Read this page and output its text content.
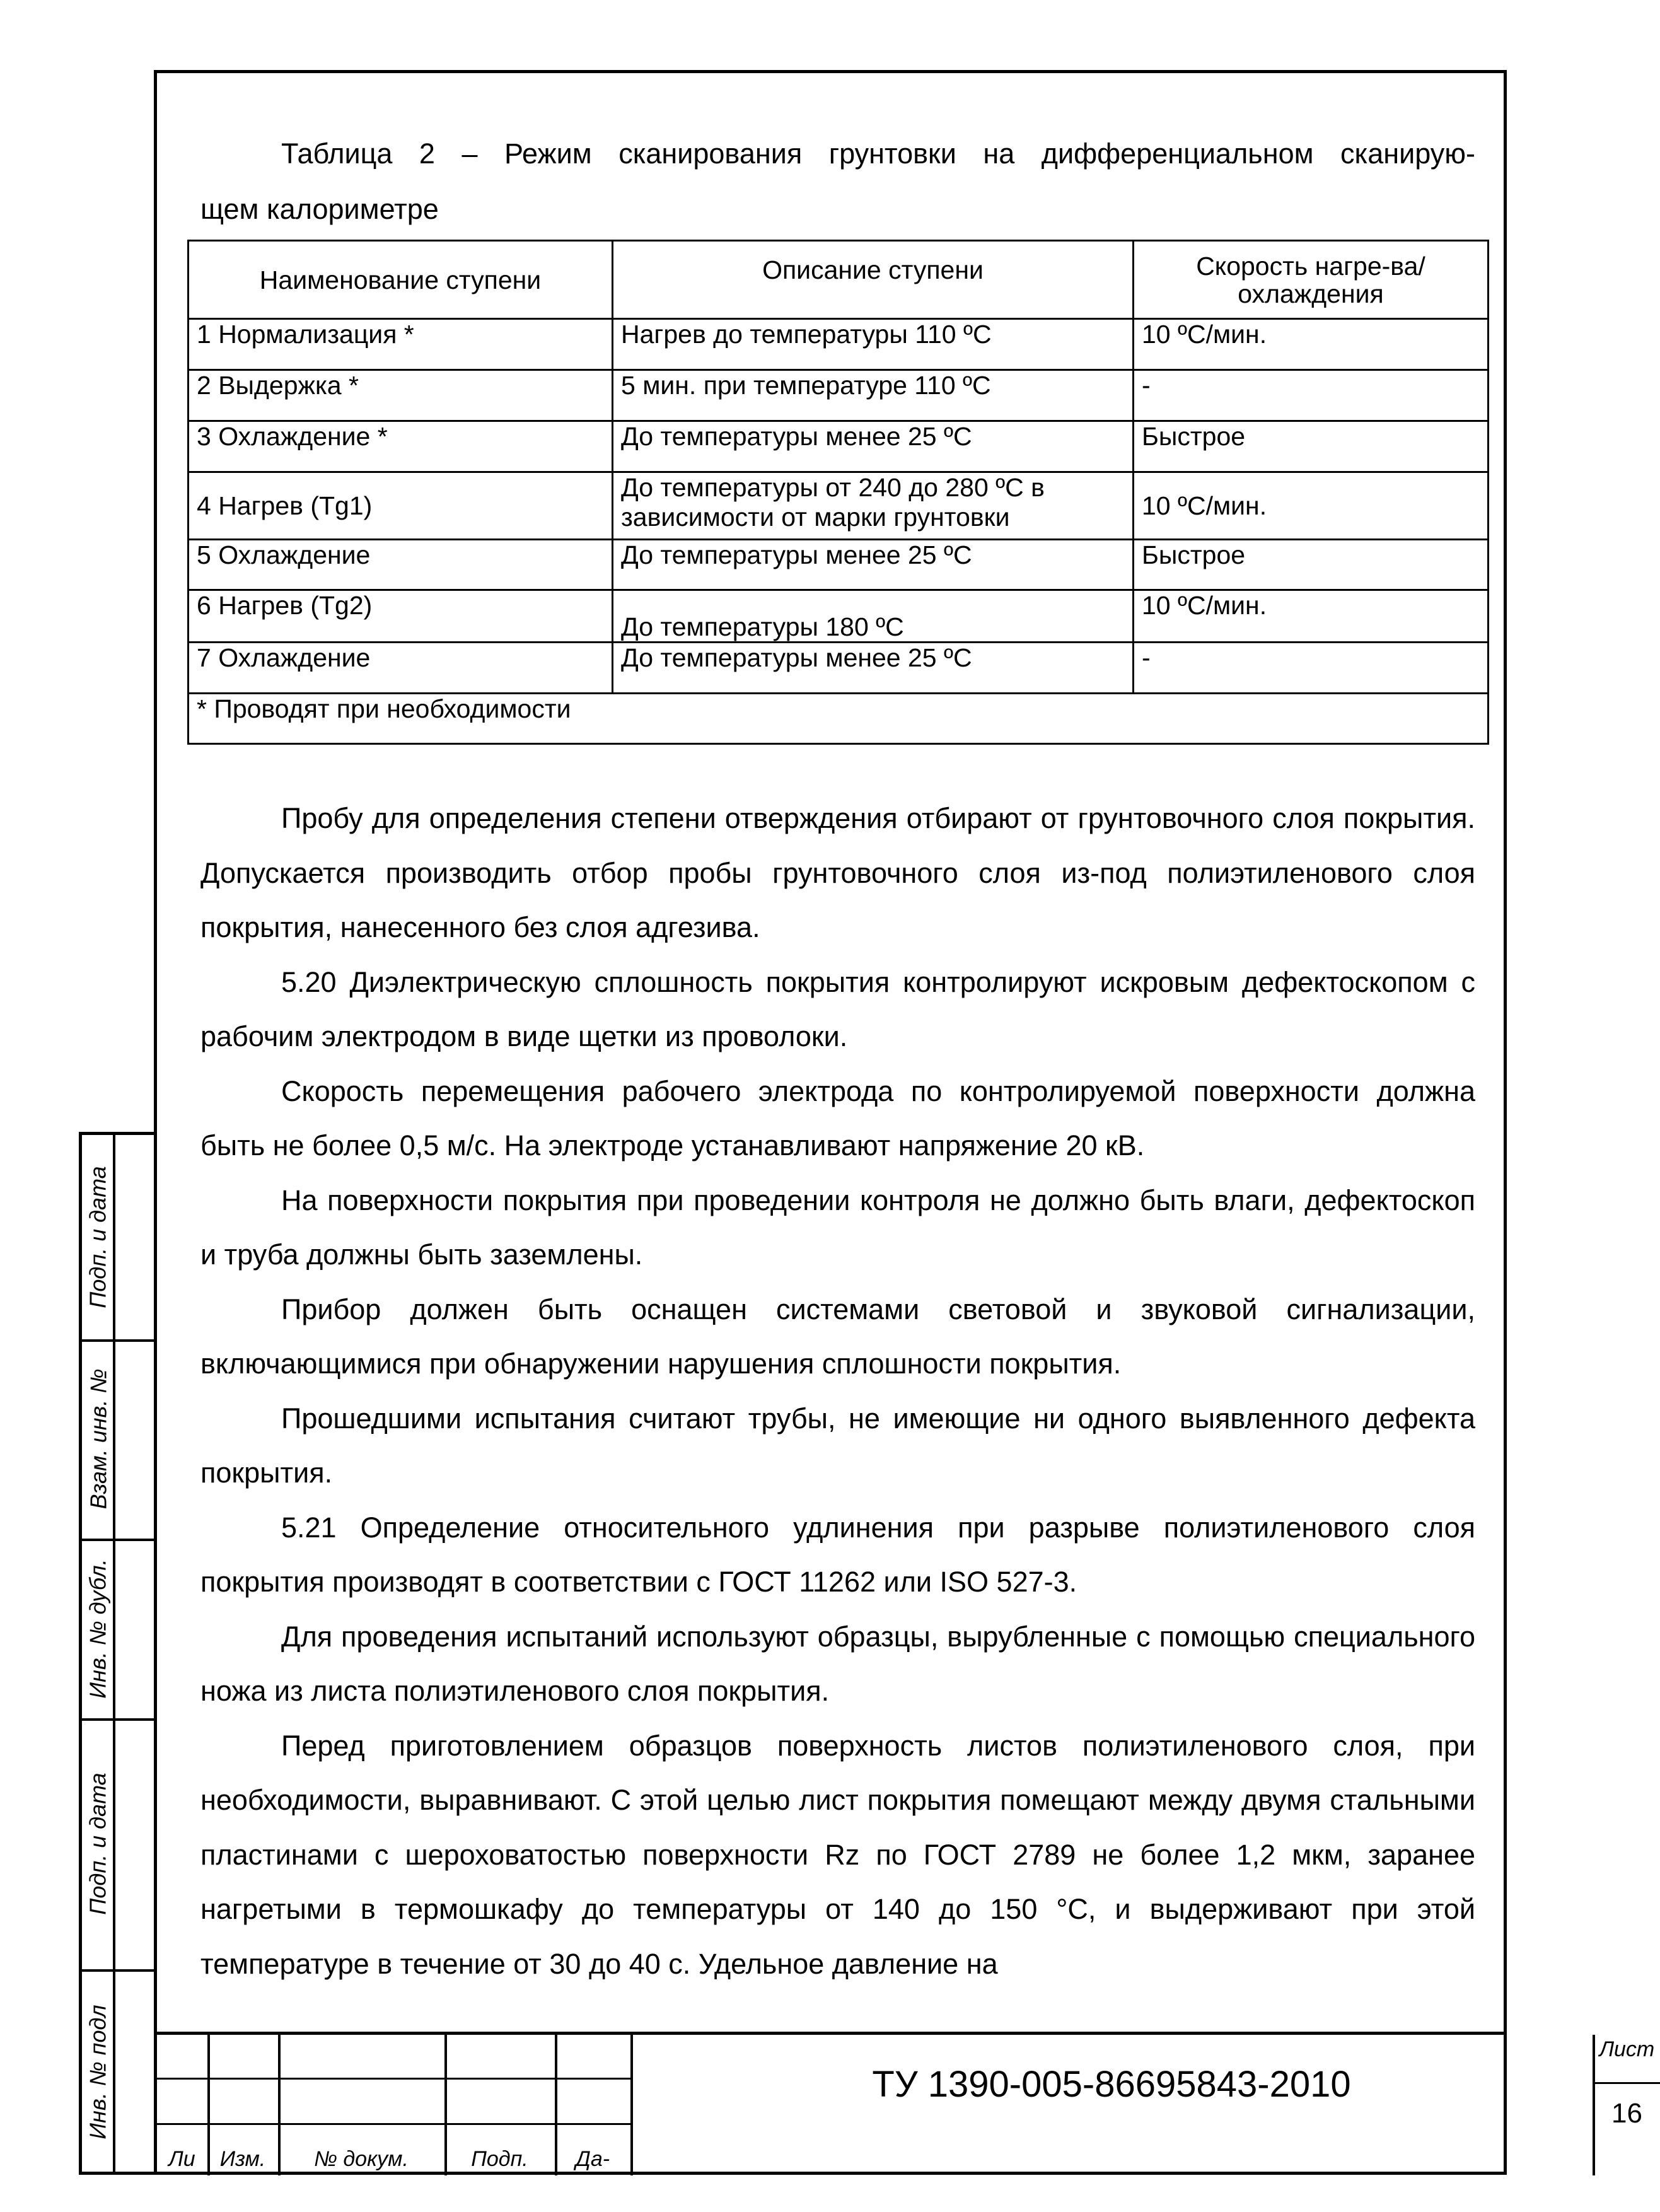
Подп. и дата
Взам. инв. №
Инв. № дубл.
Подп. и дата
Инв. № подл
Таблица 2 – Режим сканирования грунтовки на дифференциальном сканирую-
щем калориметре
Наименование ступени	Описание ступени	Скорость нагре-ва/охлаждения
1 Нормализация *	Нагрев до температуры 110 ºС	10 ºС/мин.
2 Выдержка *	5 мин. при температуре 110 ºС	-
3 Охлаждение *	До температуры менее 25 ºС	Быстрое
4 Нагрев (Tg1)	До температуры от 240 до 280 ºС в зависимости от марки грунтовки	10 ºС/мин.
5 Охлаждение	До температуры менее 25 ºС	Быстрое
6 Нагрев (Tg2)	До температуры 180 ºС	10 ºС/мин.
7 Охлаждение	До температуры менее 25 ºС	-
* Проводят при необходимости		

Пробу для определения степени отверждения отбирают от грунтовочного слоя покрытия. Допускается производить отбор пробы грунтовочного слоя из-под полиэтиленового слоя покрытия, нанесенного без слоя адгезива.

5.20 Диэлектрическую сплошность покрытия контролируют искровым дефектоскопом с рабочим электродом в виде щетки из проволоки.

Скорость перемещения рабочего электрода по контролируемой поверхности должна быть не более 0,5 м/с. На электроде устанавливают напряжение 20 кВ.

На поверхности покрытия при проведении контроля не должно быть влаги, дефектоскоп и труба должны быть заземлены.

Прибор должен быть оснащен системами световой и звуковой сигнализации, включающимися при обнаружении нарушения сплошности покрытия.

Прошедшими испытания считают трубы, не имеющие ни одного выявленного дефекта покрытия.

5.21 Определение относительного удлинения при разрыве полиэтиленового слоя покрытия производят в соответствии с ГОСТ 11262 или ISO 527-3.

Для проведения испытаний используют образцы, вырубленные с помощью специального ножа из листа полиэтиленового слоя покрытия.

Перед приготовлением образцов поверхность листов полиэтиленового слоя, при необходимости, выравнивают. С этой целью лист покрытия помещают между двумя стальными пластинами с шероховатостью поверхности Rz по ГОСТ 2789 не более 1,2 мкм, заранее нагретыми в термошкафу до температуры от 140 до 150 °С, и выдерживают при этой температуре в течение от 30 до 40 с. Удельное давление на

Ли	Изм.	№ докум.	Подп.	Да-
ТУ 1390-005-86695843-2010
Лист
16
